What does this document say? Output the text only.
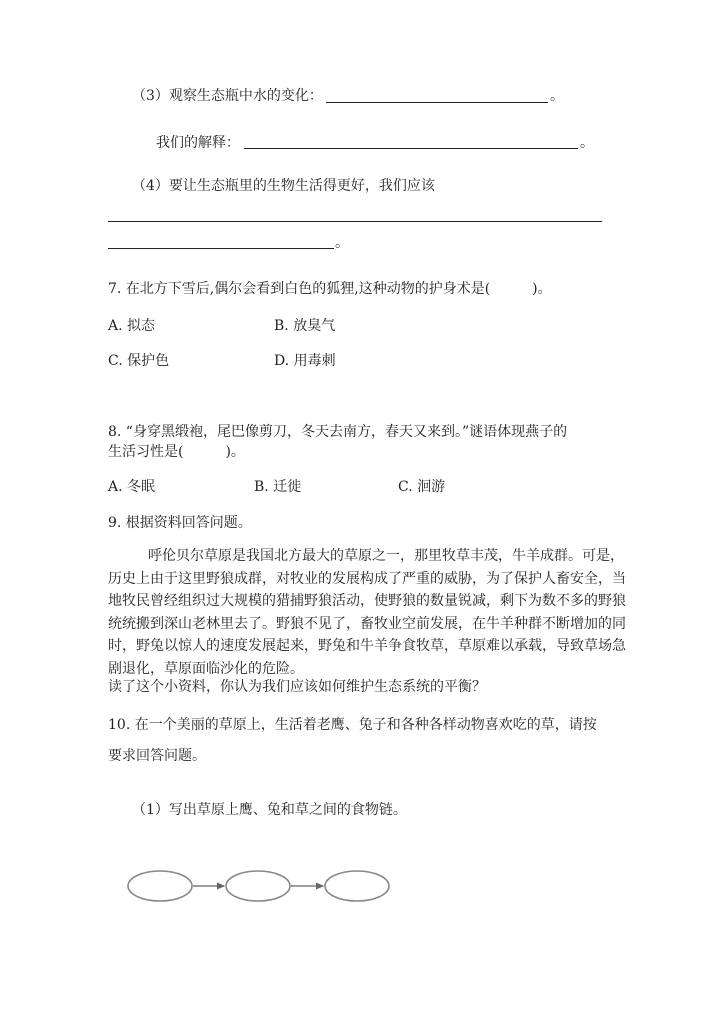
（3）观察生态瓶中水的变化：	。
我们的解释：	。
（4）要让生态瓶里的生物生活得更好，我们应该
。
7. 在北方下雪后,偶尔会看到白色的狐狸,这种动物的护身术是(　　　)。
A. 拟态	B. 放臭气
C. 保护色	D. 用毒刺
8. “身穿黑缎袍，尾巴像剪刀，冬天去南方，春天又来到。”谜语体现燕子的
生活习性是(　　　)。
A. 冬眠	B. 迁徙	C. 洄游
9. 根据资料回答问题。

呼伦贝尔草原是我国北方最大的草原之一，那里牧草丰茂，牛羊成群。可是，历史上由于这里野狼成群，对牧业的发展构成了严重的威胁，为了保护人畜安全，当地牧民曾经组织过大规模的猎捕野狼活动，使野狼的数量锐减，剩下为数不多的野狼统统搬到深山老林里去了。野狼不见了，畜牧业空前发展，在牛羊种群不断增加的同时，野兔以惊人的速度发展起来，野兔和牛羊争食牧草，草原难以承载，导致草场急剧退化，草原面临沙化的危险。

读了这个小资料，你认为我们应该如何维护生态系统的平衡？
10. 在一个美丽的草原上，生活着老鹰、兔子和各种各样动物喜欢吃的草，请按
要求回答问题。
（1）写出草原上鹰、兔和草之间的食物链。
